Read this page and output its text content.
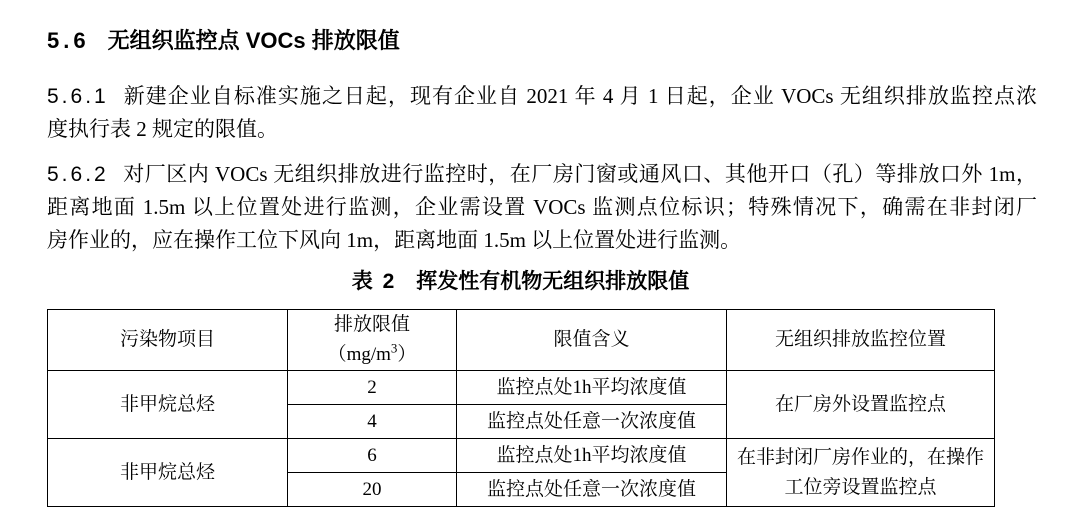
5.6 无组织监控点 VOCs 排放限值
5.6.1 新建企业自标准实施之日起，现有企业自 2021 年 4 月 1 日起，企业 VOCs 无组织排放监控点浓
度执行表 2 规定的限值。
5.6.2 对厂区内 VOCs 无组织排放进行监控时，在厂房门窗或通风口、其他开口（孔）等排放口外 1m，
距离地面 1.5m 以上位置处进行监测，企业需设置 VOCs 监测点位标识；特殊情况下，确需在非封闭厂
房作业的，应在操作工位下风向 1m，距离地面 1.5m 以上位置处进行监测。
表 2 挥发性有机物无组织排放限值
污染物项目	排放限值$(mg/m^3)$	限值含义	无组织排放监控位置
非甲烷总烃	2	监控点处1h平均浓度值	在厂房外设置监控点
	4	监控点处任意一次浓度值	
非甲烷总烃	6	监控点处1h平均浓度值	在非封闭厂房作业的，在操作工位旁设置监控点
	20	监控点处任意一次浓度值	
